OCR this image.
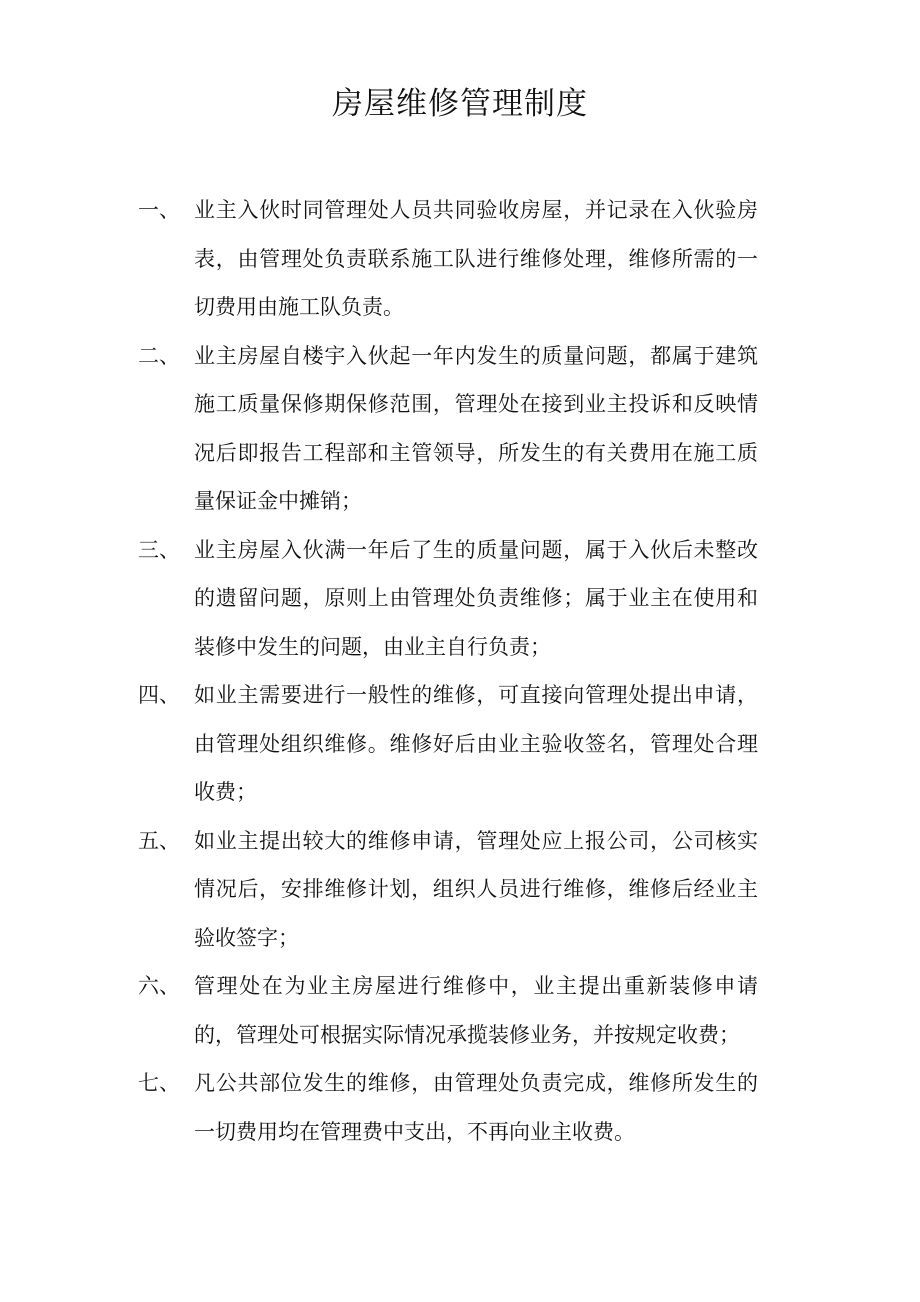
房屋维修管理制度
一、 业主入伙时同管理处人员共同验收房屋，并记录在入伙验房表，由管理处负责联系施工队进行维修处理，维修所需的一切费用由施工队负责。
二、 业主房屋自楼宇入伙起一年内发生的质量问题，都属于建筑施工质量保修期保修范围，管理处在接到业主投诉和反映情况后即报告工程部和主管领导，所发生的有关费用在施工质量保证金中摊销；
三、 业主房屋入伙满一年后了生的质量问题，属于入伙后未整改的遗留问题，原则上由管理处负责维修；属于业主在使用和装修中发生的问题，由业主自行负责；
四、 如业主需要进行一般性的维修，可直接向管理处提出申请，由管理处组织维修。维修好后由业主验收签名，管理处合理收费；
五、 如业主提出较大的维修申请，管理处应上报公司，公司核实情况后，安排维修计划，组织人员进行维修，维修后经业主验收签字；
六、 管理处在为业主房屋进行维修中，业主提出重新装修申请的，管理处可根据实际情况承揽装修业务，并按规定收费；
七、 凡公共部位发生的维修，由管理处负责完成，维修所发生的一切费用均在管理费中支出，不再向业主收费。
